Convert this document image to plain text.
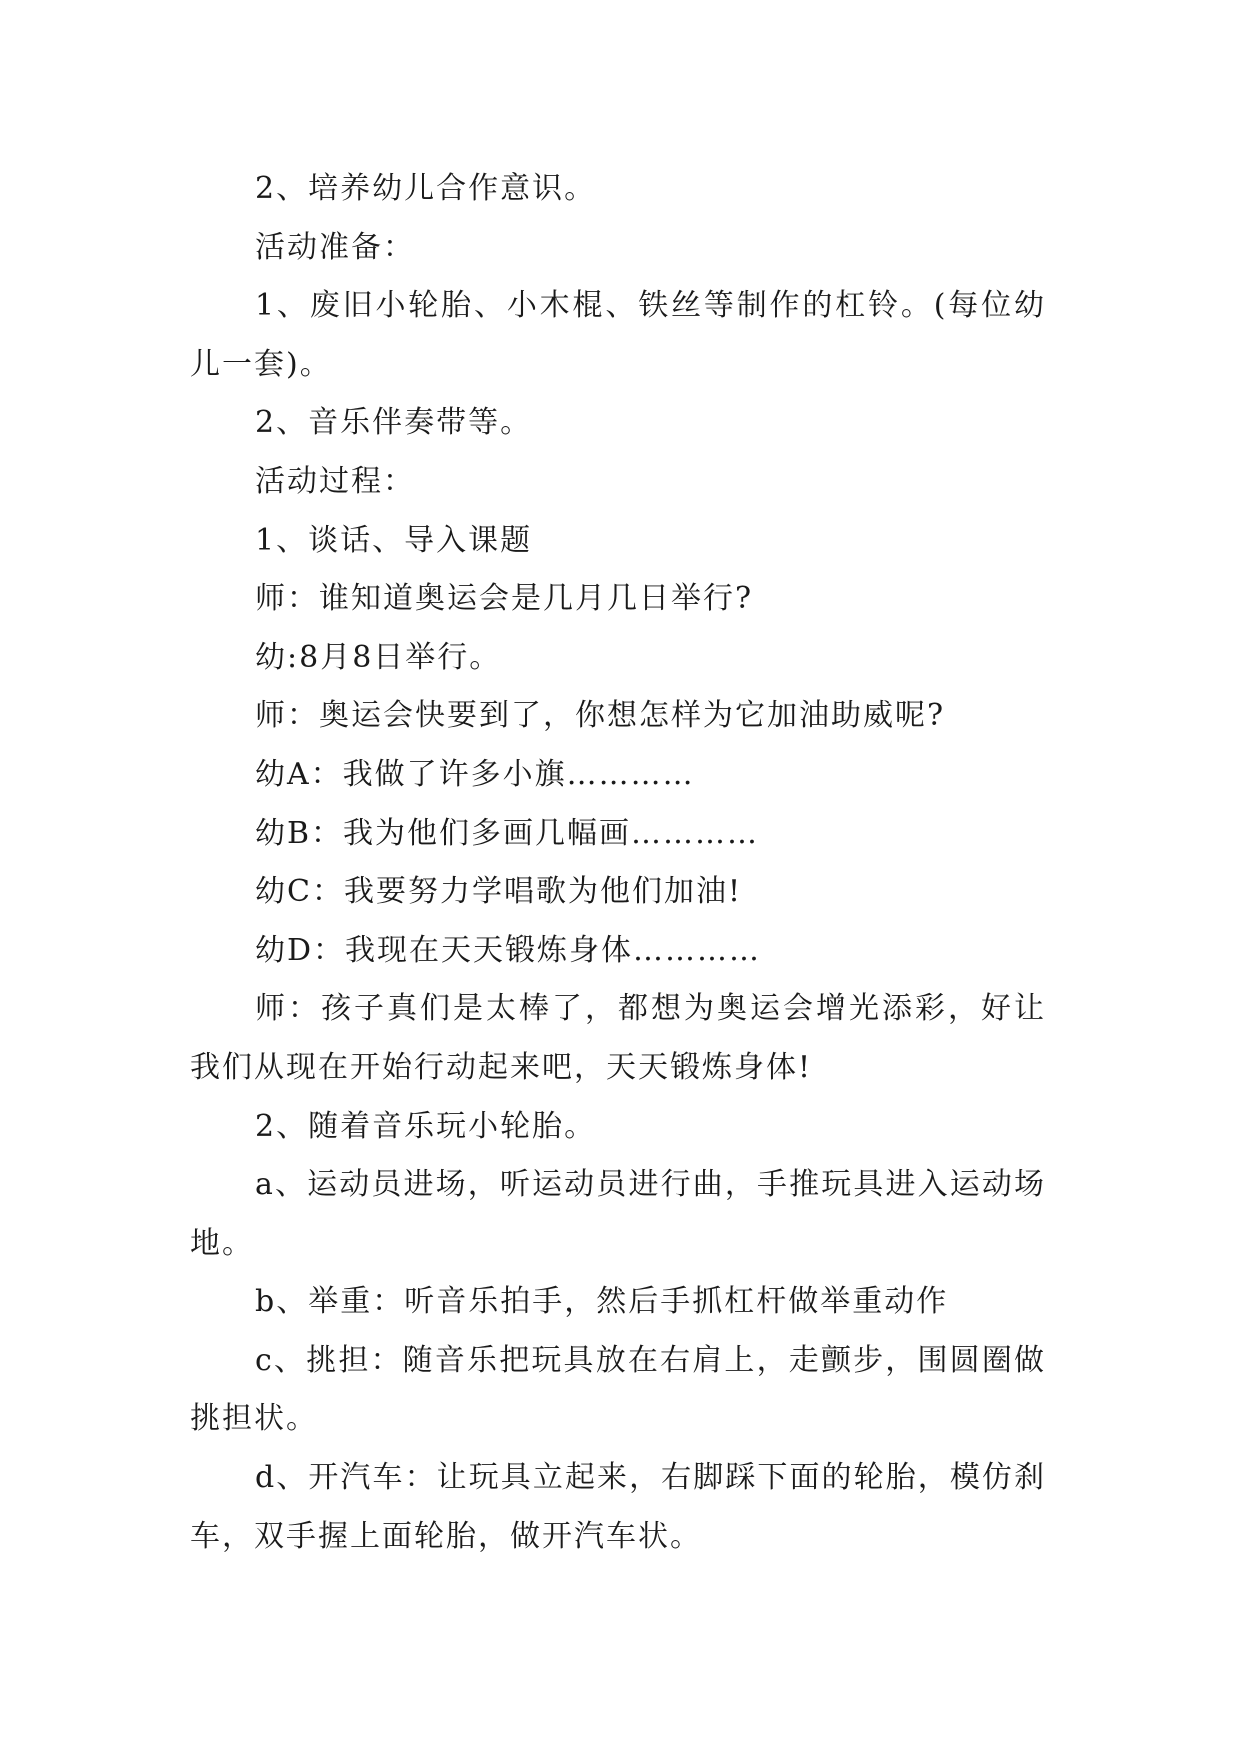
2、培养幼儿合作意识。

活动准备：

1、废旧小轮胎、小木棍、铁丝等制作的杠铃。(每位幼儿一套)。

2、音乐伴奏带等。

活动过程：

1、谈话、导入课题

师：谁知道奥运会是几月几日举行?

幼:8月8日举行。

师：奥运会快要到了，你想怎样为它加油助威呢?

幼A：我做了许多小旗…………

幼B：我为他们多画几幅画…………

幼C：我要努力学唱歌为他们加油!

幼D：我现在天天锻炼身体…………

师：孩子真们是太棒了，都想为奥运会增光添彩，好让我们从现在开始行动起来吧，天天锻炼身体!

2、随着音乐玩小轮胎。

a、运动员进场，听运动员进行曲，手推玩具进入运动场地。

b、举重：听音乐拍手，然后手抓杠杆做举重动作

c、挑担：随音乐把玩具放在右肩上，走颤步，围圆圈做挑担状。

d、开汽车：让玩具立起来，右脚踩下面的轮胎，模仿刹车，双手握上面轮胎，做开汽车状。
